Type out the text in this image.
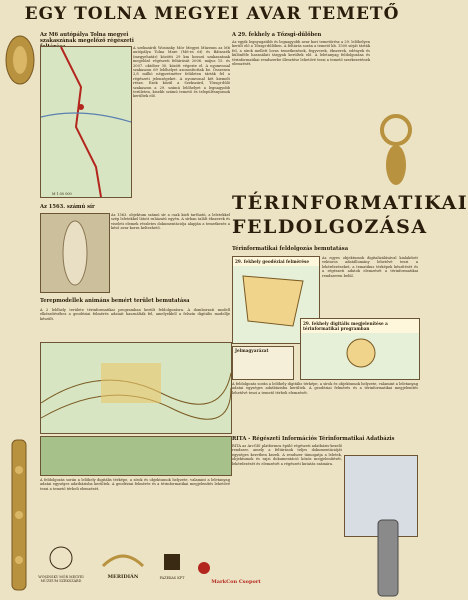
EGY TOLNA MEGYEI AVAR TEMETŐ
Az M6 autópálya Tolna megyei szakaszának megelőző régészeti
M 1:50 000
A szekszárdi Wosinsky Mór Megyei Múzeum az M6 autópálya Tolna Mare (M6-es út) és Bátaszék (megyehatár) közötti 29 km hosszú szakaszának megelőző régészeti feltárását 2006. május 15. és 2007. október 30. között végezte el. A nyomvonal szakaszon 69 lelőhelyet azonosítottak be. Összesen 2,8 millió négyzetméter felületen tárták fel a régészeti jelenségeket. A nyomvonal két kiemelt része. Ezek közül a Szekszárd, Tőzsgi-dűlő szakaszon a 29. számú lelőhelyet a legnagyobb területen, kisebb számú temető és településnyomok kerültek elő.
Az 1563. számú sír
Az 1563. objektum számú sír a csak kisfi tarthatú, a leletekkel szép leletekkel látott ruházatú egyén. A sírban talált ékszerek és viseleti elemek részletes dokumentációja alapján a temetkezés a késő avar korra keltezhető.
Terepmodellek animáns bemért terület bemutatása
A 2 lelőhely területe térinformatikai programban került feldolgozásra. A domborzati modell elkészítéséhez a geodéziai felmérés adatait használták fel, amelyekből a felszín digitális modellje készült.
A feldolgozás során a lelőhely digitális térképe, a sírok és objektumok helyzete, valamint a leletanyag adatai egységes adatbázisba kerültek. A geodéziai felmérés és a térinformatikai megjelenítés lehetővé teszi a temető térbeli elemzését.
WOSINSKY MÓR MEGYEI MÚZEUM SZEKSZÁRD
MERIDIÁN	FAZEKAS KFT
MarkCon Csoport
A 29. fekhely a Tőzsgi-dűlőben
Az egyik legnyugatibb és legnagyobb avar kori temetőrész a 29. lelőhelyen került elő a Tőzsgi-dűlőben. A feltárás során a temető kb. 1500 sírját tárták fel, a sírok mellett lovas temetkezések, fegyverek, ékszerek, edények és különféle használati tárgyak kerültek elő. A leletanyag feldolgozása és térinformatikai rendszerbe illesztése lehetővé teszi a temető szerkezetének elemzését.
TÉRINFORMATIKAI
FELDOLGOZÁSA
Térinformatikai feldolgozás bemutatása
29. fekhely geodéziai felmérése
Az egyes objektumok digitalizálásával kialakított vektoros adatállomány lehetővé teszi a lekérdezéseket, a tematikus térképek készítését és a régészeti adatok elemzését a térinformatikai rendszeren belül.
29. fekhely digitális megjelenítése a térinformatikai programban
Jelmagyarázat
A feldolgozás során a lelőhely digitális térképe, a sírok és objektumok helyzete, valamint a leletanyag adatai egységes adatbázisba kerültek. A geodéziai felmérés és a térinformatikai megjelenítés lehetővé teszi a temető térbeli elemzését.
RITA - Régészeti Információs Térinformatikai Adatbázis
RITA az ArcGIS platformra épülő régészeti adatbázis-kezelő rendszer, amely a feltárások teljes dokumentációját egységes keretben kezeli. A rendszer támogatja a leletek, objektumok és rajzi dokumentáció közös megjelenítését, lekérdezését és elemzését a régészeti kutatás számára.
